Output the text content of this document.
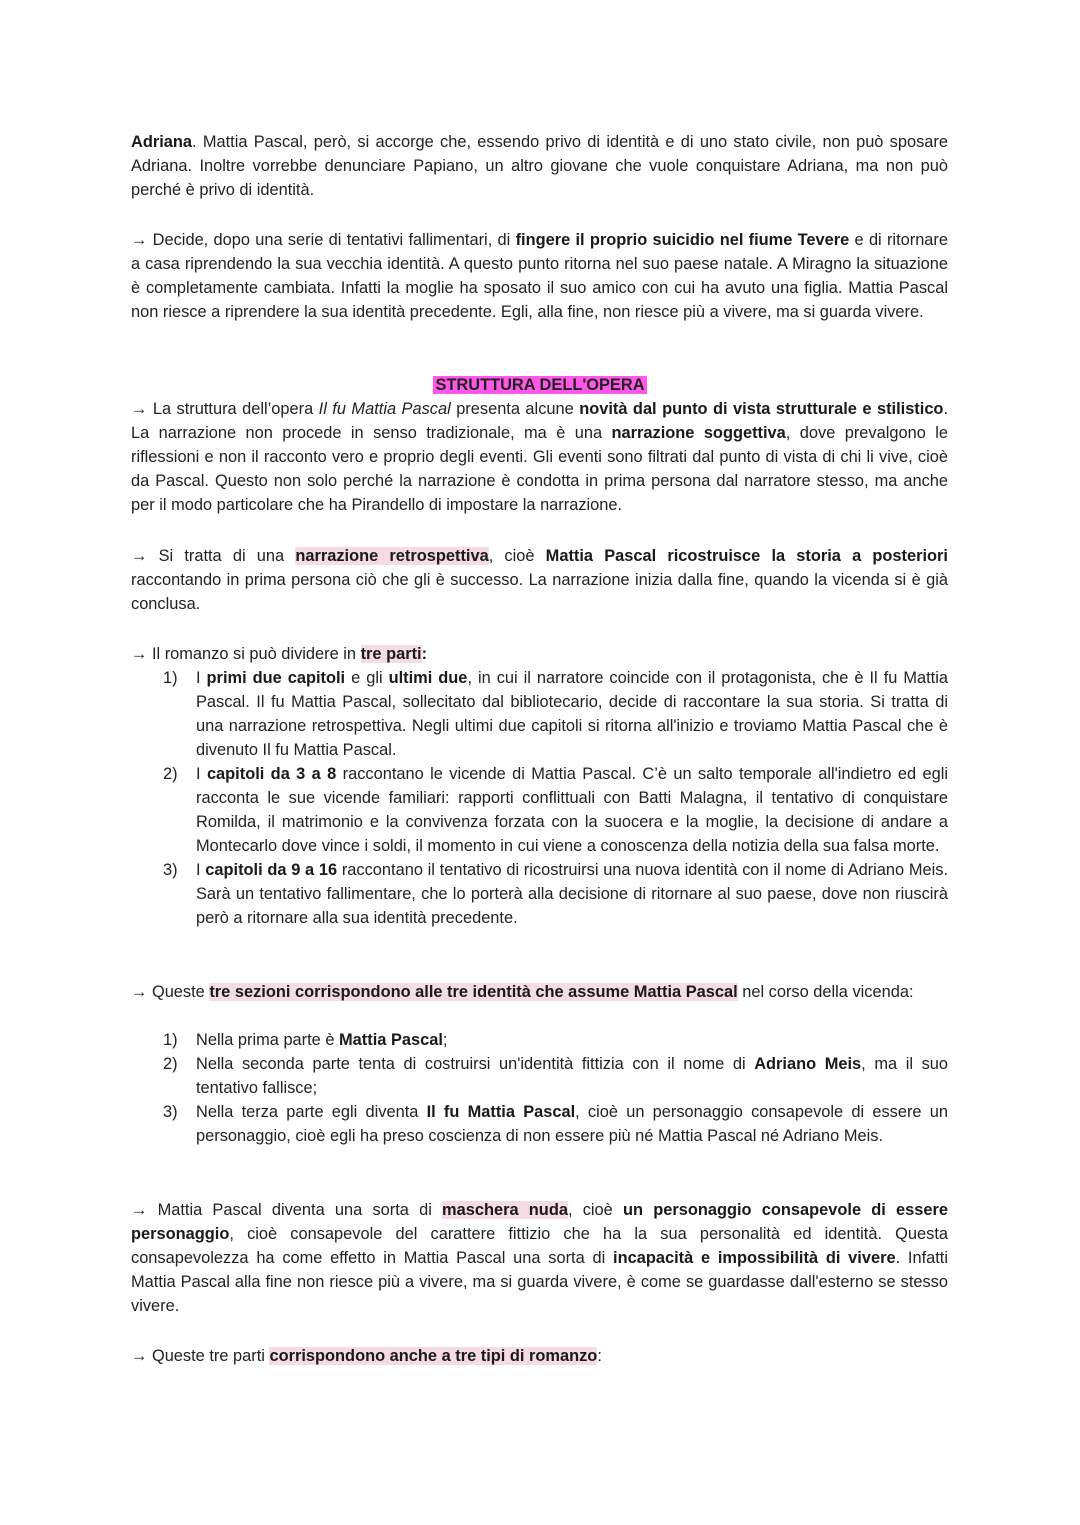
Adriana. Mattia Pascal, però, si accorge che, essendo privo di identità e di uno stato civile, non può sposare Adriana. Inoltre vorrebbe denunciare Papiano, un altro giovane che vuole conquistare Adriana, ma non può perché è privo di identità.

→ Decide, dopo una serie di tentativi fallimentari, di fingere il proprio suicidio nel fiume Tevere e di ritornare a casa riprendendo la sua vecchia identità. A questo punto ritorna nel suo paese natale. A Miragno la situazione è completamente cambiata. Infatti la moglie ha sposato il suo amico con cui ha avuto una figlia. Mattia Pascal non riesce a riprendere la sua identità precedente. Egli, alla fine, non riesce più a vivere, ma si guarda vivere.

STRUTTURA DELL'OPERA

→ La struttura dell’opera Il fu Mattia Pascal presenta alcune novità dal punto di vista strutturale e stilistico. La narrazione non procede in senso tradizionale, ma è una narrazione soggettiva, dove prevalgono le riflessioni e non il racconto vero e proprio degli eventi. Gli eventi sono filtrati dal punto di vista di chi li vive, cioè da Pascal. Questo non solo perché la narrazione è condotta in prima persona dal narratore stesso, ma anche per il modo particolare che ha Pirandello di impostare la narrazione.

→ Si tratta di una narrazione retrospettiva, cioè Mattia Pascal ricostruisce la storia a posteriori raccontando in prima persona ciò che gli è successo. La narrazione inizia dalla fine, quando la vicenda si è già conclusa.

→ Il romanzo si può dividere in tre parti:

1) I primi due capitoli e gli ultimi due, in cui il narratore coincide con il protagonista, che è Il fu Mattia Pascal. Il fu Mattia Pascal, sollecitato dal bibliotecario, decide di raccontare la sua storia. Si tratta di una narrazione retrospettiva. Negli ultimi due capitoli si ritorna all'inizio e troviamo Mattia Pascal che è divenuto Il fu Mattia Pascal.
2) I capitoli da 3 a 8 raccontano le vicende di Mattia Pascal. C’è un salto temporale all'indietro ed egli racconta le sue vicende familiari: rapporti conflittuali con Batti Malagna, il tentativo di conquistare Romilda, il matrimonio e la convivenza forzata con la suocera e la moglie, la decisione di andare a Montecarlo dove vince i soldi, il momento in cui viene a conoscenza della notizia della sua falsa morte.
3) I capitoli da 9 a 16 raccontano il tentativo di ricostruirsi una nuova identità con il nome di Adriano Meis. Sarà un tentativo fallimentare, che lo porterà alla decisione di ritornare al suo paese, dove non riuscirà però a ritornare alla sua identità precedente.

→ Queste tre sezioni corrispondono alle tre identità che assume Mattia Pascal nel corso della vicenda:

1) Nella prima parte è Mattia Pascal;
2) Nella seconda parte tenta di costruirsi un'identità fittizia con il nome di Adriano Meis, ma il suo tentativo fallisce;
3) Nella terza parte egli diventa Il fu Mattia Pascal, cioè un personaggio consapevole di essere un personaggio, cioè egli ha preso coscienza di non essere più né Mattia Pascal né Adriano Meis.

→ Mattia Pascal diventa una sorta di maschera nuda, cioè un personaggio consapevole di essere personaggio, cioè consapevole del carattere fittizio che ha la sua personalità ed identità. Questa consapevolezza ha come effetto in Mattia Pascal una sorta di incapacità e impossibilità di vivere. Infatti Mattia Pascal alla fine non riesce più a vivere, ma si guarda vivere, è come se guardasse dall'esterno se stesso vivere.

→ Queste tre parti corrispondono anche a tre tipi di romanzo:
